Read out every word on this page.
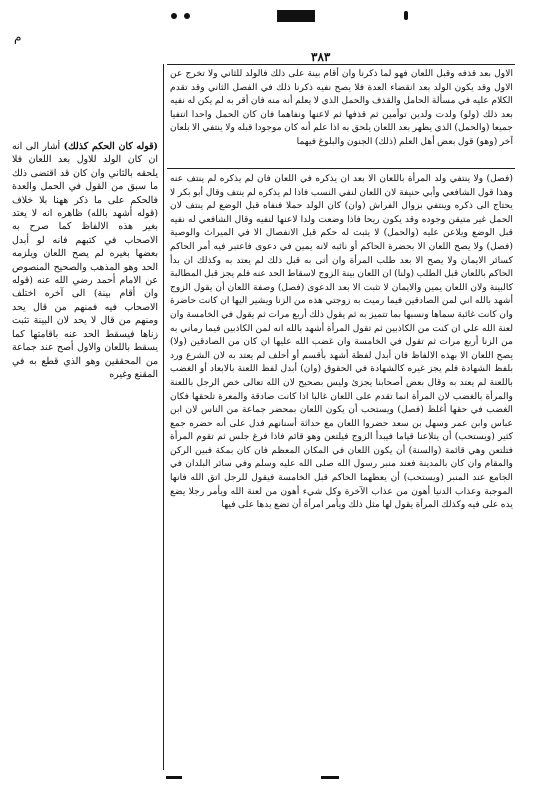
م
٣٨٣
الاول بعد قذفه وقبل اللعان فهو لما ذكرنا وان أقام بينة على ذلك فالولد للثاني ولا تخرج عن الاول وقد يكون الولد بعد انقضاء العدة فلا يصح نفيه ذكرنا ذلك في الفصل الثاني وقد تقدم الكلام عليه في مسألة الحامل والقذف والحمل الذي لا يعلم أنه منه فان أقر به لم يكن له نفيه بعد ذلك (ولو) ولدت ولدين توأمين ثم قذفها ثم لاعنها ونفاهما فان كان الحمل واحدا انتفيا جميعا (والحمل) الذي يظهر بعد اللعان يلحق به اذا علم أنه كان موجودا قبله ولا ينتفي الا بلعان آخر (وهو) قول بعض أهل العلم (ذلك) الجنون والبلوغ فيهما
(فصل) ولا ينتفي ولد المرأة باللعان الا بعد ان يذكره في اللعان فان لم يذكره لم ينتف عنه وهذا قول الشافعي وأبي حنيفة لان اللعان لنفي النسب فاذا لم يذكره لم ينتف وقال أبو بكر لا يحتاج الى ذكره وينتفي بزوال الفراش (وان) كان الولد حملا فنفاه قبل الوضع لم ينتف لان الحمل غير متيقن وجوده وقد يكون ريحا فاذا وضعت ولدا لاعنها لنفيه وقال الشافعي له نفيه قبل الوضع ويلاعن عليه (والحمل) لا يثبت له حكم قبل الانفصال الا في الميراث والوصية (فصل) ولا يصح اللعان الا بحضرة الحاكم أو نائبه لانه يمين في دعوى فاعتبر فيه أمر الحاكم كسائر الايمان ولا يصح الا بعد طلب المرأة وان أتى به قبل ذلك لم يعتد به وكذلك ان بدأ الحاكم باللعان قبل الطلب (ولنا) ان اللعان بينة الزوج لاسقاط الحد عنه فلم يجز قبل المطالبة كالبينة ولان اللعان يمين والايمان لا تثبت الا بعد الدعوى (فصل) وصفة اللعان أن يقول الزوج أشهد بالله اني لمن الصادقين فيما رميت به زوجتي هذه من الزنا ويشير اليها ان كانت حاضرة وان كانت غائبة سماها ونسبها بما تتميز به ثم يقول ذلك أربع مرات ثم يقول في الخامسة وان لعنة الله علي ان كنت من الكاذبين ثم تقول المرأة أشهد بالله انه لمن الكاذبين فيما رماني به من الزنا أربع مرات ثم تقول في الخامسة وان غضب الله عليها ان كان من الصادقين (ولا) يصح اللعان الا بهذه الالفاظ فان أبدل لفظة أشهد بأقسم أو أحلف لم يعتد به لان الشرع ورد بلفظ الشهادة فلم يجز غيره كالشهادة في الحقوق (وان) أبدل لفظ اللعنة بالابعاد أو الغضب باللعنة لم يعتد به وقال بعض أصحابنا يجزئ وليس بصحيح لان الله تعالى خص الرجل باللعنة والمرأة بالغضب لان المرأة انما تقدم على اللعان غالبا اذا كانت صادقة والمعرة تلحقها فكان الغضب في حقها أغلظ (فصل) ويستحب أن يكون اللعان بمحضر جماعة من الناس لان ابن عباس وابن عمر وسهل بن سعد حضروا اللعان مع حداثة أسنانهم فدل على أنه حضره جمع كثير (ويستحب) أن يتلاعنا قياما فيبدأ الزوج فيلتعن وهو قائم فاذا فرغ جلس ثم تقوم المرأة فتلتعن وهي قائمة (والسنة) أن يكون اللعان في المكان المعظم فان كان بمكة فبين الركن والمقام وان كان بالمدينة فعند منبر رسول الله صلى الله عليه وسلم وفي سائر البلدان في الجامع عند المنبر (ويستحب) أن يعظهما الحاكم قبل الخامسة فيقول للرجل اتق الله فانها الموجبة وعذاب الدنيا أهون من عذاب الآخرة وكل شيء أهون من لعنة الله ويأمر رجلا يضع يده على فيه وكذلك المرأة يقول لها مثل ذلك ويأمر امرأة أن تضع يدها على فيها
(قوله كان الحكم كذلك) أشار الى انه ان كان الولد للاول بعد اللعان فلا يلحقه بالثاني وان كان قد اقتضى ذلك ما سبق من القول في الحمل والعدة فالحكم على ما ذكر ههنا بلا خلاف (قوله أشهد بالله) ظاهره انه لا يعتد بغير هذه الالفاظ كما صرح به الاصحاب في كتبهم فانه لو أبدل بعضها بغيره لم يصح اللعان ويلزمه الحد وهو المذهب والصحيح المنصوص عن الامام أحمد رضي الله عنه (قوله وان أقام بينة) الى آخره اختلف الاصحاب فيه فمنهم من قال يحد ومنهم من قال لا يحد لان البينة تثبت زناها فيسقط الحد عنه باقامتها كما يسقط باللعان والاول أصح عند جماعة من المحققين وهو الذي قطع به في المقنع وغيره
